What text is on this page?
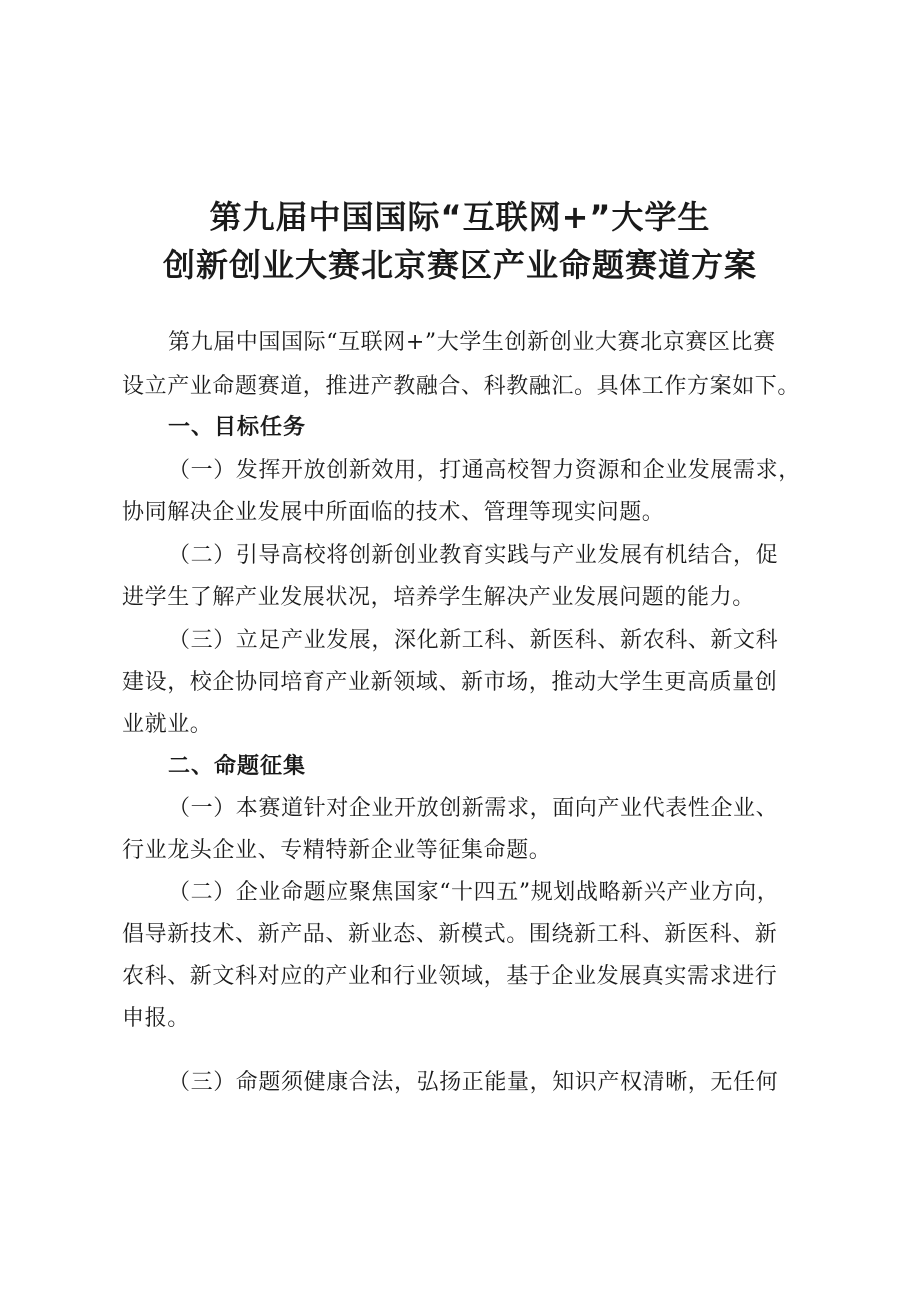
第九届中国国际“互联网+”大学生
创新创业大赛北京赛区产业命题赛道方案
第九届中国国际“互联网+”大学生创新创业大赛北京赛区比赛
设立产业命题赛道，推进产教融合、科教融汇。具体工作方案如下。
一、目标任务
（一）发挥开放创新效用，打通高校智力资源和企业发展需求，
协同解决企业发展中所面临的技术、管理等现实问题。
（二）引导高校将创新创业教育实践与产业发展有机结合，促
进学生了解产业发展状况，培养学生解决产业发展问题的能力。
（三）立足产业发展，深化新工科、新医科、新农科、新文科
建设，校企协同培育产业新领域、新市场，推动大学生更高质量创
业就业。
二、命题征集
（一）本赛道针对企业开放创新需求，面向产业代表性企业、
行业龙头企业、专精特新企业等征集命题。
（二）企业命题应聚焦国家“十四五”规划战略新兴产业方向，
倡导新技术、新产品、新业态、新模式。围绕新工科、新医科、新
农科、新文科对应的产业和行业领域，基于企业发展真实需求进行
申报。
（三）命题须健康合法，弘扬正能量，知识产权清晰，无任何
